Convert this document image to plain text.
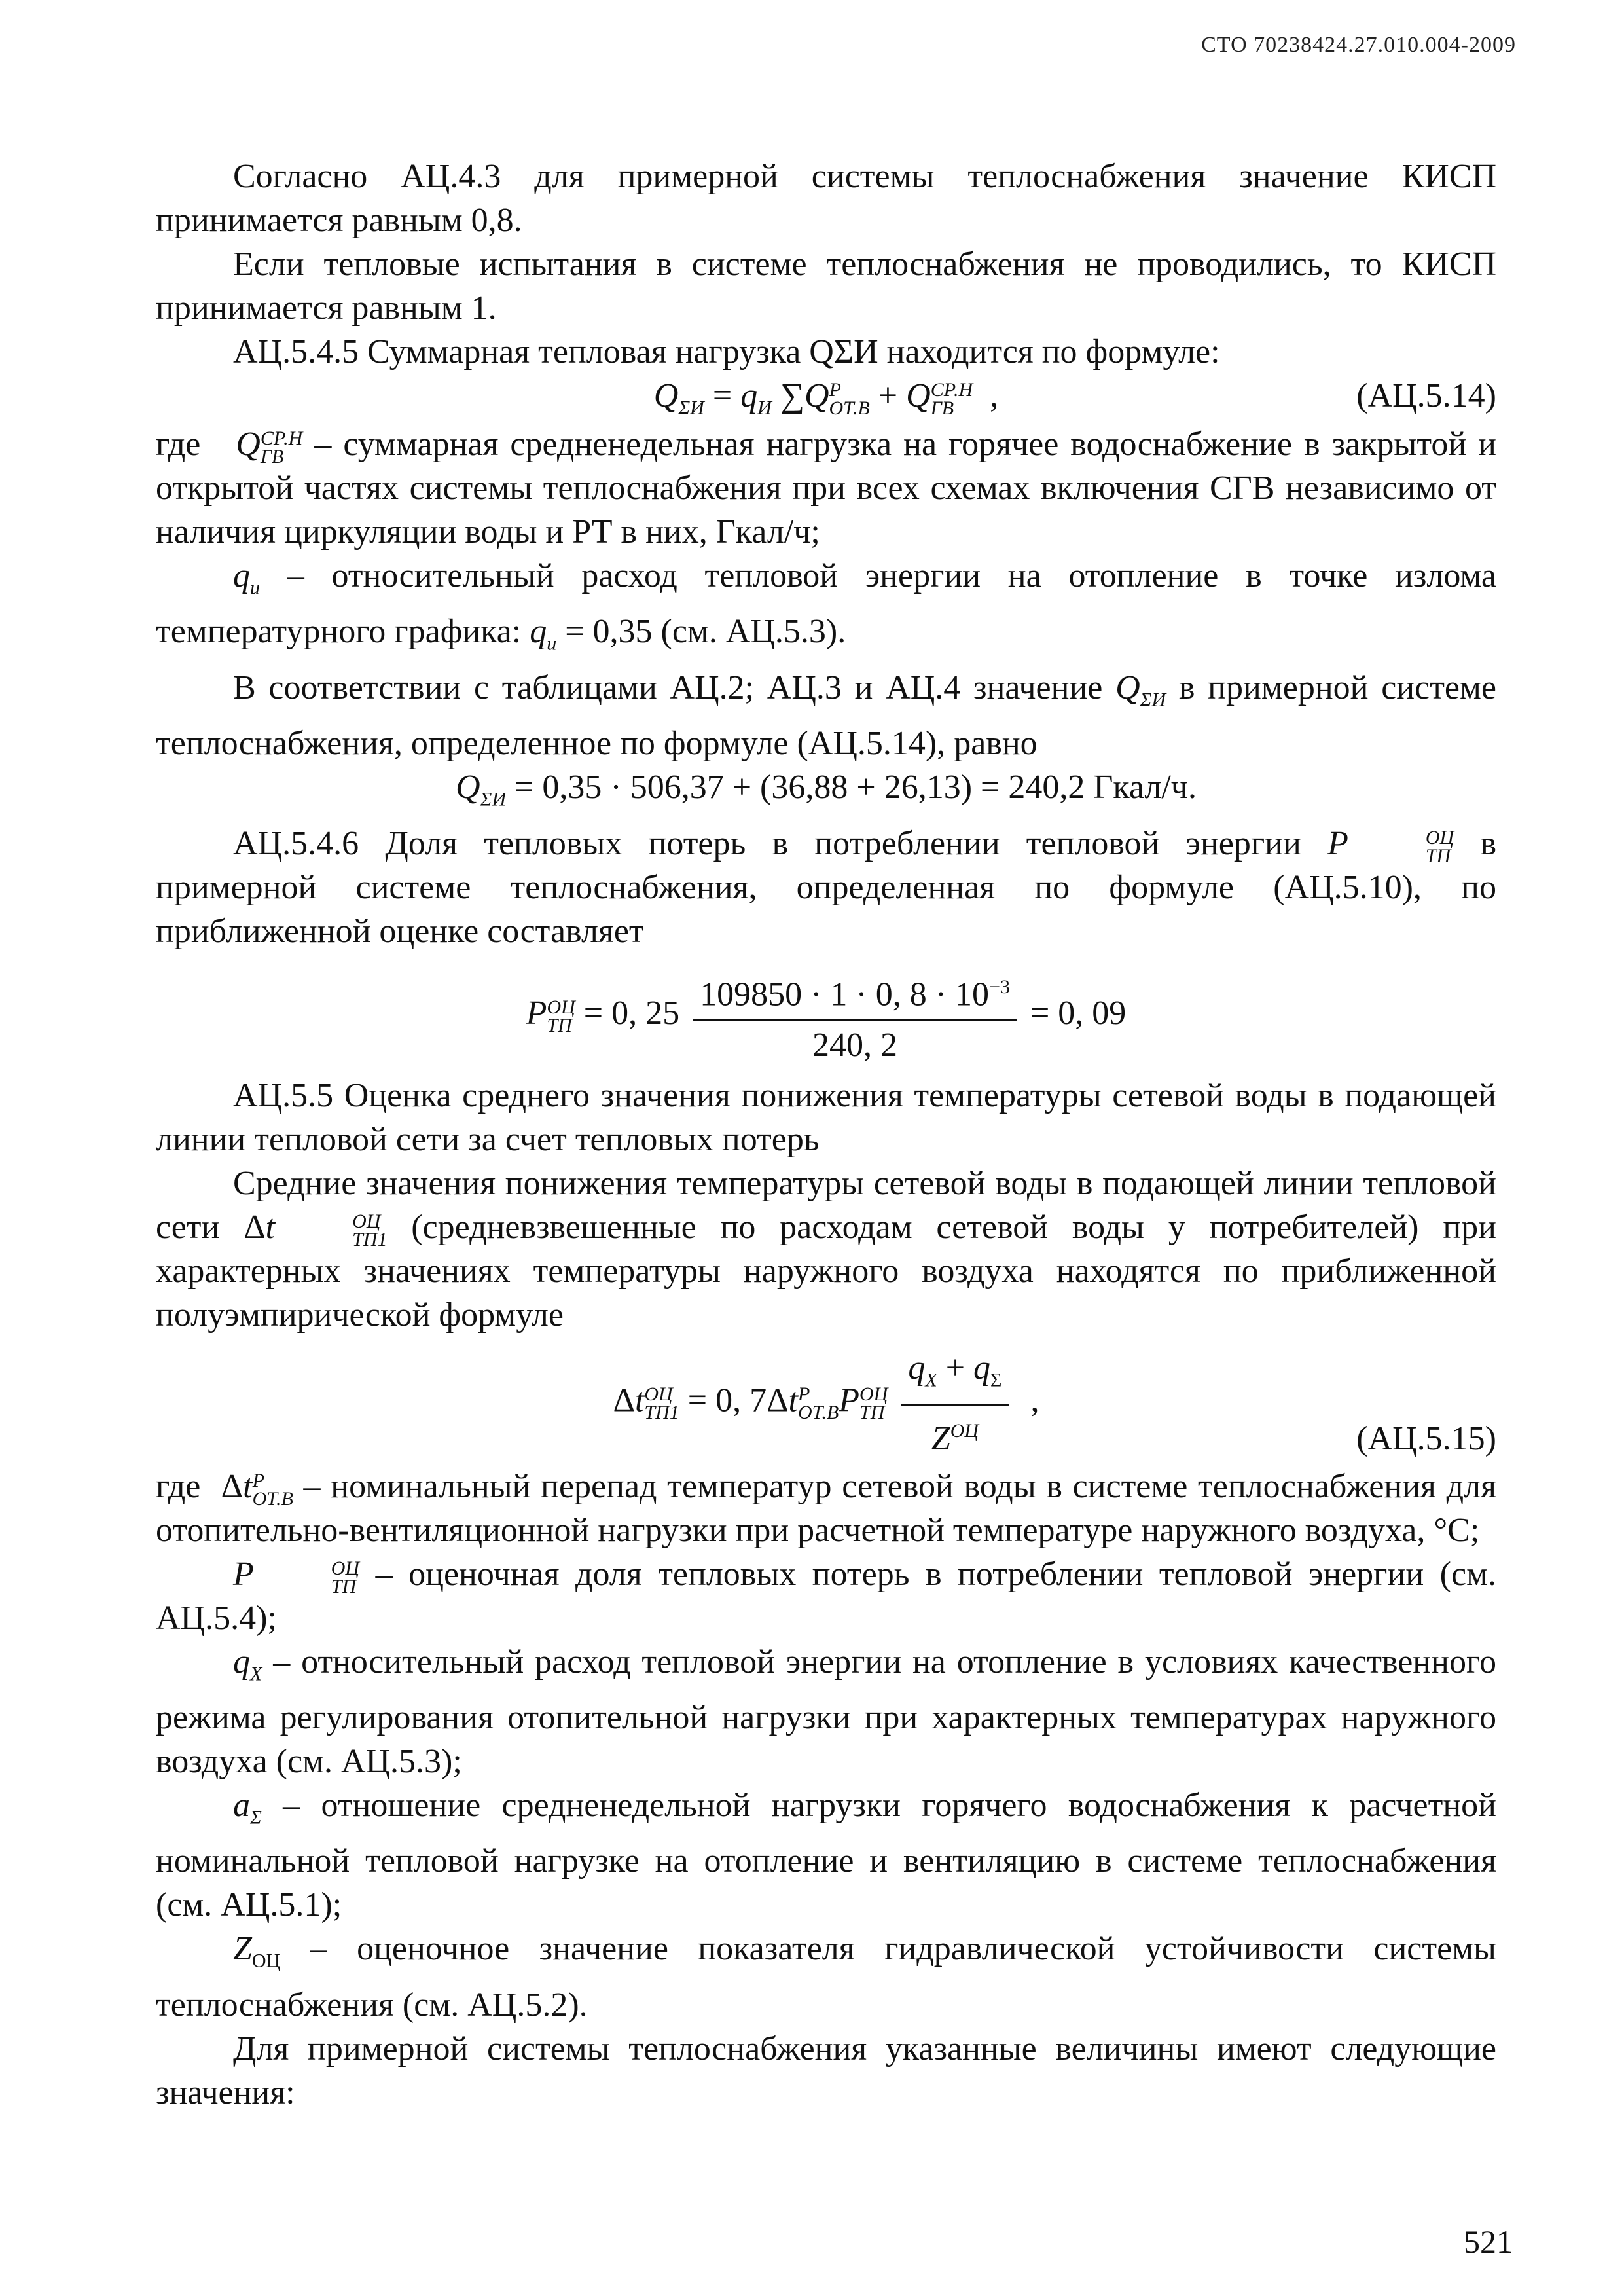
СТО 70238424.27.010.004-2009

Согласно АЦ.4.3 для примерной системы теплоснабжения значение КИСП принимается равным 0,8.

Если тепловые испытания в системе теплоснабжения не проводились, то КИСП принимается равным 1.

АЦ.5.4.5 Суммарная тепловая нагрузка QΣИ находится по формуле:

$Q_{\Sigma И} = q_И$ ∑Q Р
ОТ.В + Q СР.Н
ГВ ,	(АЦ.5.14)

где Q СР.Н
ГВ – суммарная средненедельная нагрузка на горячее водоснабжение в закрытой и открытой частях системы теплоснабжения при всех схемах включения СГВ независимо от наличия циркуляции воды и РТ в них, Гкал/ч;

$q_и$ – относительный расход тепловой энергии на отопление в точке излома температурного графика: $q_и = 0,35$ (см. АЦ.5.3).

В соответствии с таблицами АЦ.2; АЦ.3 и АЦ.4 значение $Q_{\Sigma И}$ в примерной системе теплоснабжения, определенное по формуле (АЦ.5.14), равно

$Q_{\Sigma И} = 0,35 \cdot 506,37 + (36,88 + 26,13) = 240,2$ Гкал/ч.

АЦ.5.4.6 Доля тепловых потерь в потреблении тепловой энергии P	ОЦ
ТП в примерной системе теплоснабжения, определенная по формуле (АЦ.5.10), по приближенной оценке составляет

P ОЦ
ТП = 0, $25 \frac{109850 \cdot 1 \cdot 0, 8 \cdot 10^{-3}}{240, 2} = 0$, 09

АЦ.5.5 Оценка среднего значения понижения температуры сетевой воды в подающей линии тепловой сети за счет тепловых потерь

Средние значения понижения температуры сетевой воды в подающей линии тепловой сети Δt	ОЦ
ТП1 (средневзвешенные по расходам сетевой воды у потребителей) при характерных значениях температуры наружного воздуха находятся по приближенной полуэмпирической формуле

Δt ОЦ
ТП1 = 0, 7Δt Р
ОТ.В P ОЦ
ТП
$\frac{q_X + q_\Sigma}{Z^{ОЦ}}$ ,
(АЦ.5.15)

где  Δt Р
ОТ.В – номинальный перепад температур сетевой воды в системе теплоснабжения для отопительно-вентиляционной нагрузки при расчетной температуре наружного воздуха, °С;

P	ОЦ
ТП – оценочная доля тепловых потерь в потреблении тепловой энергии (см. АЦ.5.4);

$q_X$ – относительный расход тепловой энергии на отопление в условиях качественного режима регулирования отопительной нагрузки при характерных температурах наружного воздуха (см. АЦ.5.3);

$a_\Sigma$ – отношение средненедельной нагрузки горячего водоснабжения к расчетной номинальной тепловой нагрузке на отопление и вентиляцию в системе теплоснабжения (см. АЦ.5.1);

$Z_{ОЦ}$ – оценочное значение показателя гидравлической устойчивости системы теплоснабжения (см. АЦ.5.2).

Для примерной системы теплоснабжения указанные величины имеют следующие значения:

521
